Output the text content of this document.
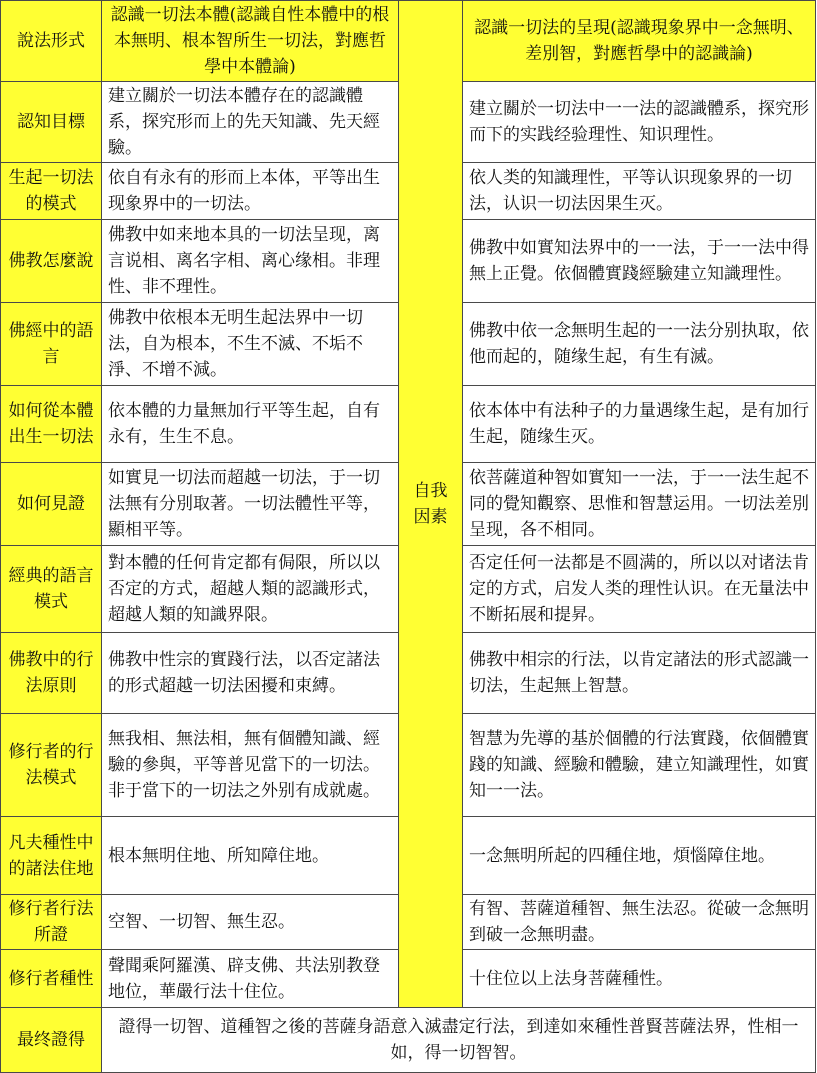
說法形式	認識一切法本體(認識自性本體中的根本無明、根本智所生一切法，對應哲學中本體論)	自我因素	認識一切法的呈現(認識現象界中一念無明、差別智，對應哲學中的認識論)
認知目標	建立關於一切法本體存在的認識體系，探究形而上的先天知識、先天經驗。		建立關於一切法中一一法的認識體系，探究形而下的实践经验理性、知识理性。
生起一切法的模式	依自有永有的形而上本体，平等出生现象界中的一切法。		依人类的知識理性，平等认识现象界的一切法，认识一切法因果生灭。
佛教怎麼說	佛教中如来地本具的一切法呈现，离言说相、离名字相、离心缘相。非理性、非不理性。		佛教中如實知法界中的一一法，于一一法中得無上正覺。依個體實踐經驗建立知識理性。
佛經中的語言	佛教中依根本无明生起法界中一切法，自为根本，不生不滅、不垢不淨、不增不減。		佛教中依一念無明生起的一一法分别执取，依他而起的，随缘生起，有生有滅。
如何從本體出生一切法	依本體的力量無加行平等生起，自有永有，生生不息。		依本体中有法种子的力量遇缘生起，是有加行生起，随缘生灭。
如何見證	如實見一切法而超越一切法，于一切法無有分別取著。一切法體性平等，顯相平等。		依菩薩道种智如實知一一法，于一一法生起不同的覺知觀察、思惟和智慧运用。一切法差別呈现，各不相同。
經典的語言模式	對本體的任何肯定都有侷限，所以以否定的方式，超越人類的認識形式，超越人類的知識界限。		否定任何一法都是不圆满的，所以以对诸法肯定的方式，启发人类的理性认识。在无量法中不断拓展和提昇。
佛教中的行法原則	佛教中性宗的實踐行法，以否定諸法的形式超越一切法困擾和束縛。		佛教中相宗的行法，以肯定諸法的形式認識一切法，生起無上智慧。
修行者的行法模式	無我相、無法相，無有個體知識、經驗的參與，平等普见當下的一切法。非于當下的一切法之外别有成就處。		智慧为先導的基於個體的行法實踐，依個體實踐的知識、經驗和體驗，建立知識理性，如實知一一法。
凡夫種性中的諸法住地	根本無明住地、所知障住地。		一念無明所起的四種住地，煩惱障住地。
修行者行法所證	空智、一切智、無生忍。		有智、菩薩道種智、無生法忍。從破一念無明到破一念無明盡。
修行者種性	聲聞乘阿羅漢、辟支佛、共法别教登地位，華嚴行法十住位。		十住位以上法身菩薩種性。
最终證得	證得一切智、道種智之後的菩薩身語意入滅盡定行法，到達如來種性普賢菩薩法界，性相一如，得一切智智。		
